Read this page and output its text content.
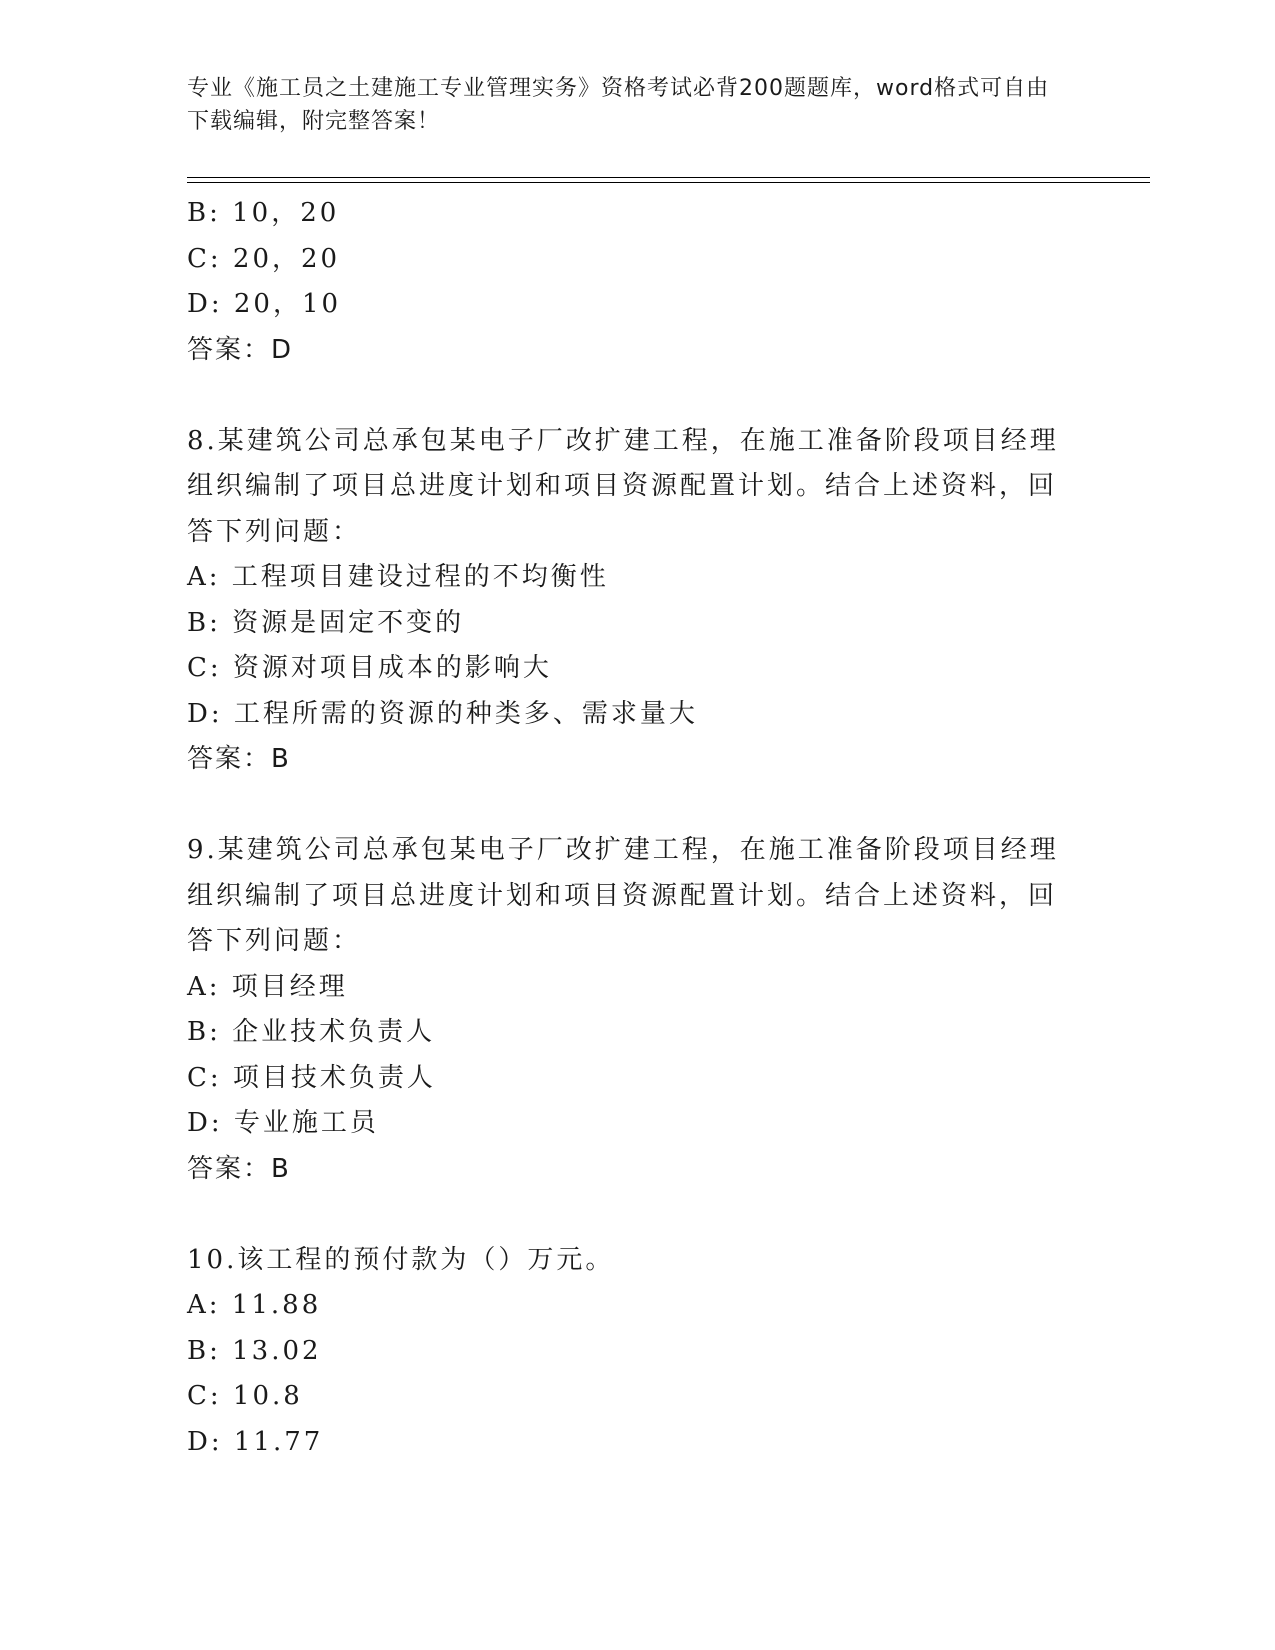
专业《施工员之土建施工专业管理实务》资格考试必背200题题库，word格式可自由下载编辑，附完整答案！
B: 10，20
C: 20，20
D: 20，10
答案：D
8.某建筑公司总承包某电子厂改扩建工程，在施工准备阶段项目经理组织编制了项目总进度计划和项目资源配置计划。结合上述资料，回答下列问题：
A: 工程项目建设过程的不均衡性
B: 资源是固定不变的
C: 资源对项目成本的影响大
D: 工程所需的资源的种类多、需求量大
答案：B
9.某建筑公司总承包某电子厂改扩建工程，在施工准备阶段项目经理组织编制了项目总进度计划和项目资源配置计划。结合上述资料，回答下列问题：
A: 项目经理
B: 企业技术负责人
C: 项目技术负责人
D: 专业施工员
答案：B
10.该工程的预付款为（）万元。
A: 11.88
B: 13.02
C: 10.8
D: 11.77
